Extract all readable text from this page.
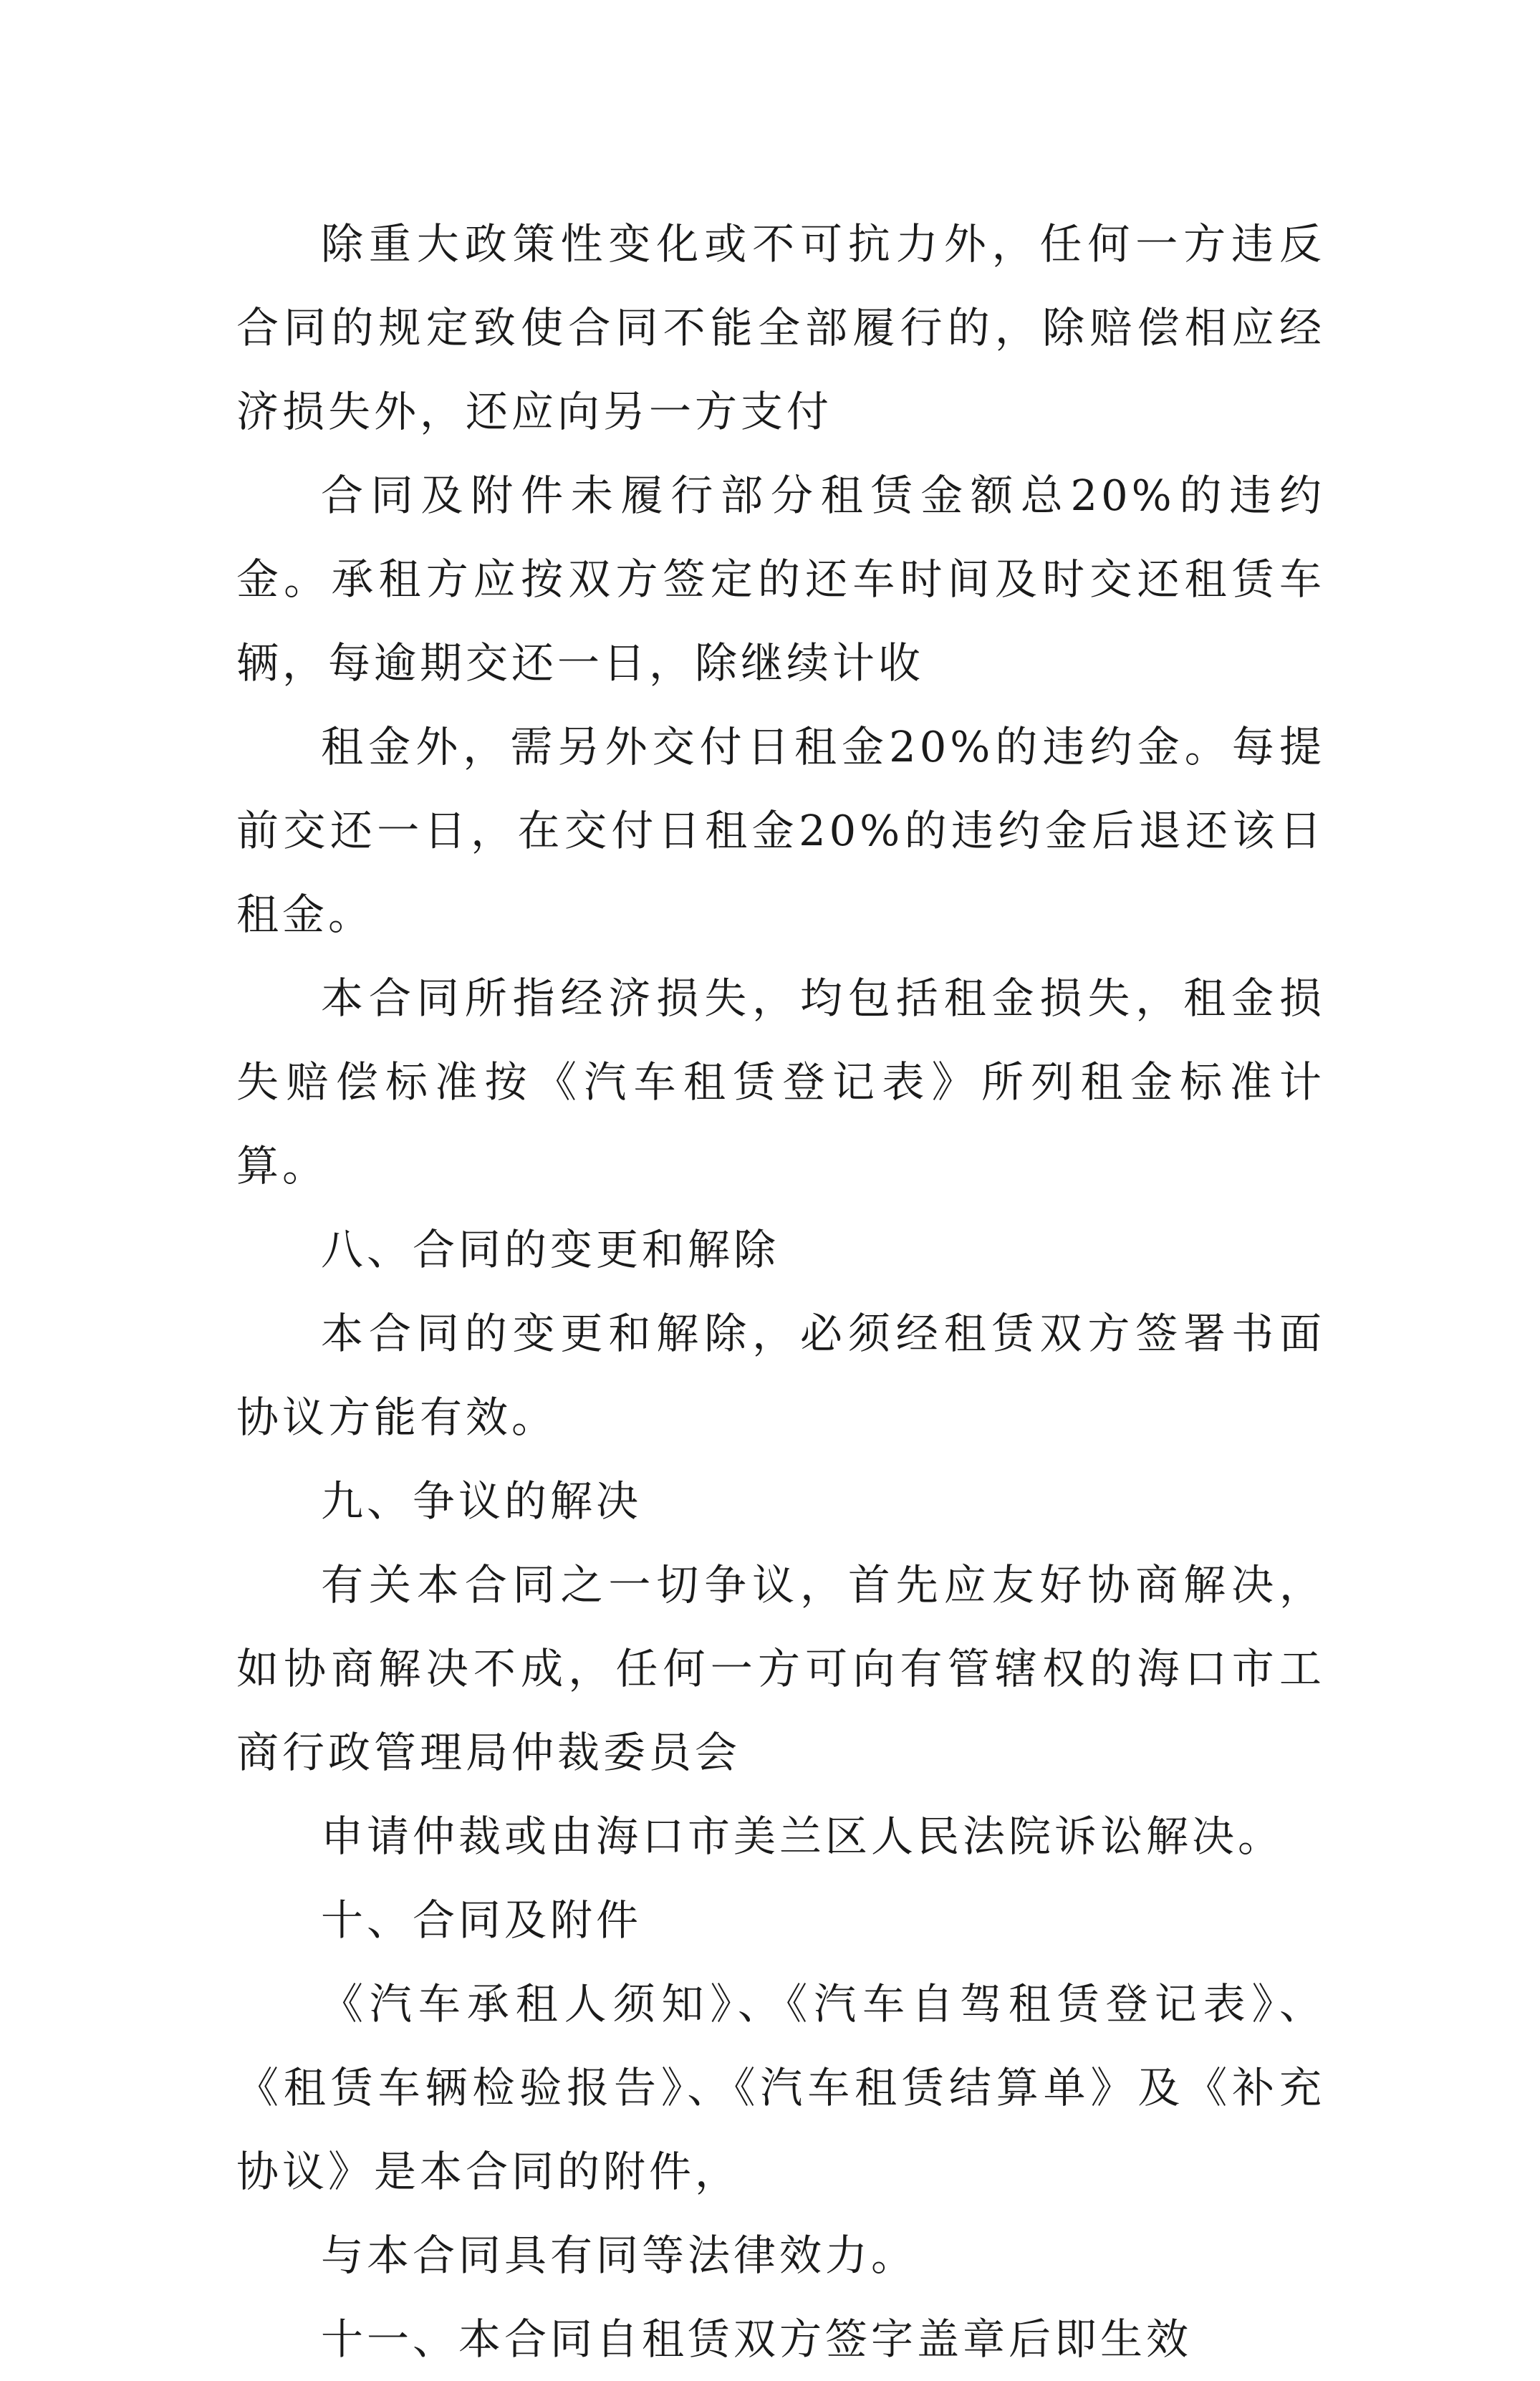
除重大政策性变化或不可抗力外，任何一方违反合同的规定致使合同不能全部履行的，除赔偿相应经济损失外，还应向另一方支付

合同及附件未履行部分租赁金额总20%的违约金。承租方应按双方签定的还车时间及时交还租赁车辆，每逾期交还一日，除继续计收

租金外，需另外交付日租金20%的违约金。每提前交还一日，在交付日租金20%的违约金后退还该日租金。

本合同所指经济损失，均包括租金损失，租金损失赔偿标准按《汽车租赁登记表》所列租金标准计算。

八、合同的变更和解除

本合同的变更和解除，必须经租赁双方签署书面协议方能有效。

九、争议的解决

有关本合同之一切争议，首先应友好协商解决，如协商解决不成，任何一方可向有管辖权的海口市工商行政管理局仲裁委员会

申请仲裁或由海口市美兰区人民法院诉讼解决。

十、合同及附件

《汽车承租人须知》、《汽车自驾租赁登记表》、《租赁车辆检验报告》、《汽车租赁结算单》及《补充协议》是本合同的附件，

与本合同具有同等法律效力。

十一、本合同自租赁双方签字盖章后即生效
